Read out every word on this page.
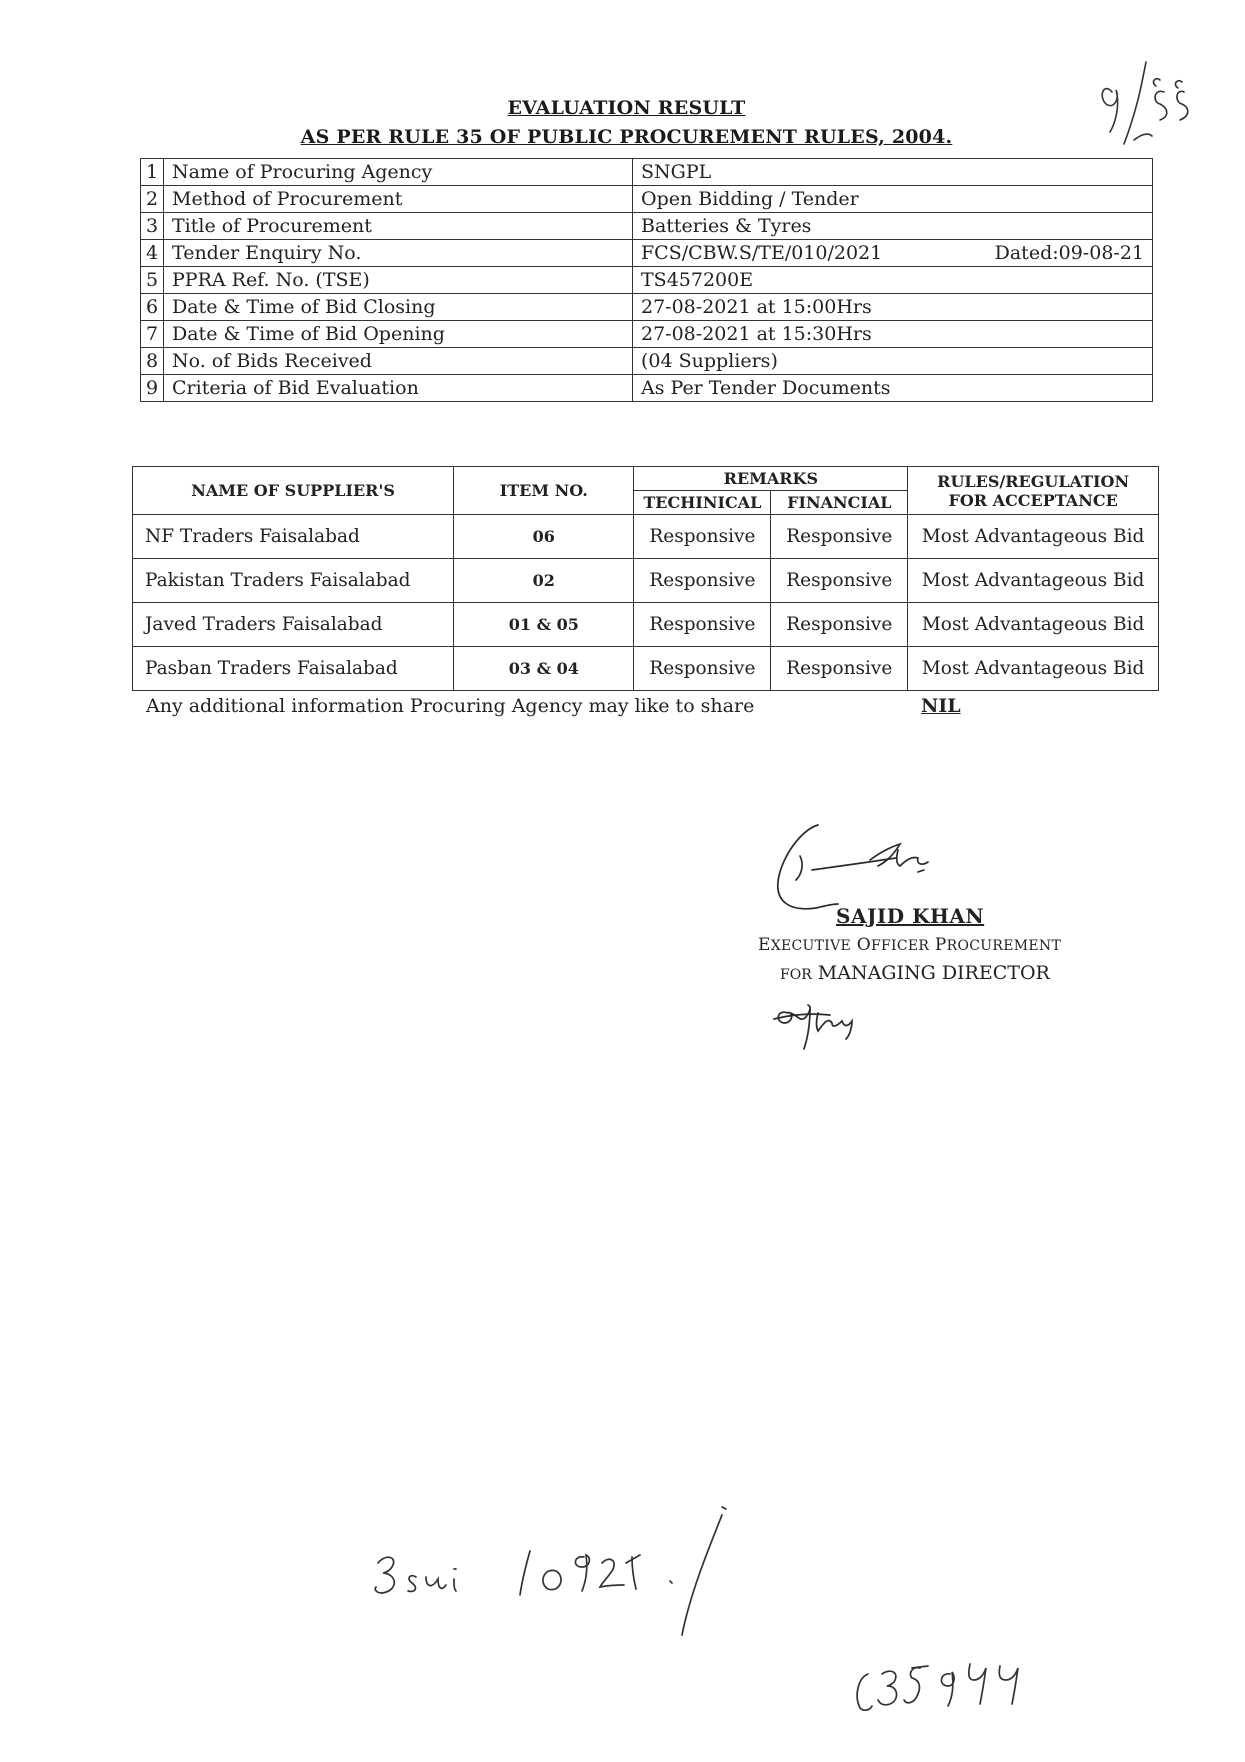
EVALUATION RESULT
AS PER RULE 35 OF PUBLIC PROCUREMENT RULES, 2004.
1	Name of Procuring Agency	SNGPL
2	Method of Procurement	Open Bidding / Tender
3	Title of Procurement	Batteries & Tyres
4	Tender Enquiry No.	FCS/CBW.S/TE/010/2021 Dated:09-08-21

5	PPRA Ref. No. (TSE)	TS457200E
6	Date & Time of Bid Closing	27-08-2021 at 15:00Hrs
7	Date & Time of Bid Opening	27-08-2021 at 15:30Hrs
8	No. of Bids Received	(04 Suppliers)
9	Criteria of Bid Evaluation	As Per Tender Documents
NAME OF SUPPLIER'S	ITEM NO.	REMARKS		RULES/REGULATION
FOR ACCEPTANCE

		TECHINICAL	FINANCIAL	
NF Traders Faisalabad	06	Responsive	Responsive	Most Advantageous Bid
Pakistan Traders Faisalabad	02	Responsive	Responsive	Most Advantageous Bid
Javed Traders Faisalabad	01 & 05	Responsive	Responsive	Most Advantageous Bid
Pasban Traders Faisalabad	03 & 04	Responsive	Responsive	Most Advantageous Bid
Any additional information Procuring Agency may like to share	NIL
SAJID KHAN
EXECUTIVE OFFICER PROCUREMENT
FOR MANAGING DIRECTOR
